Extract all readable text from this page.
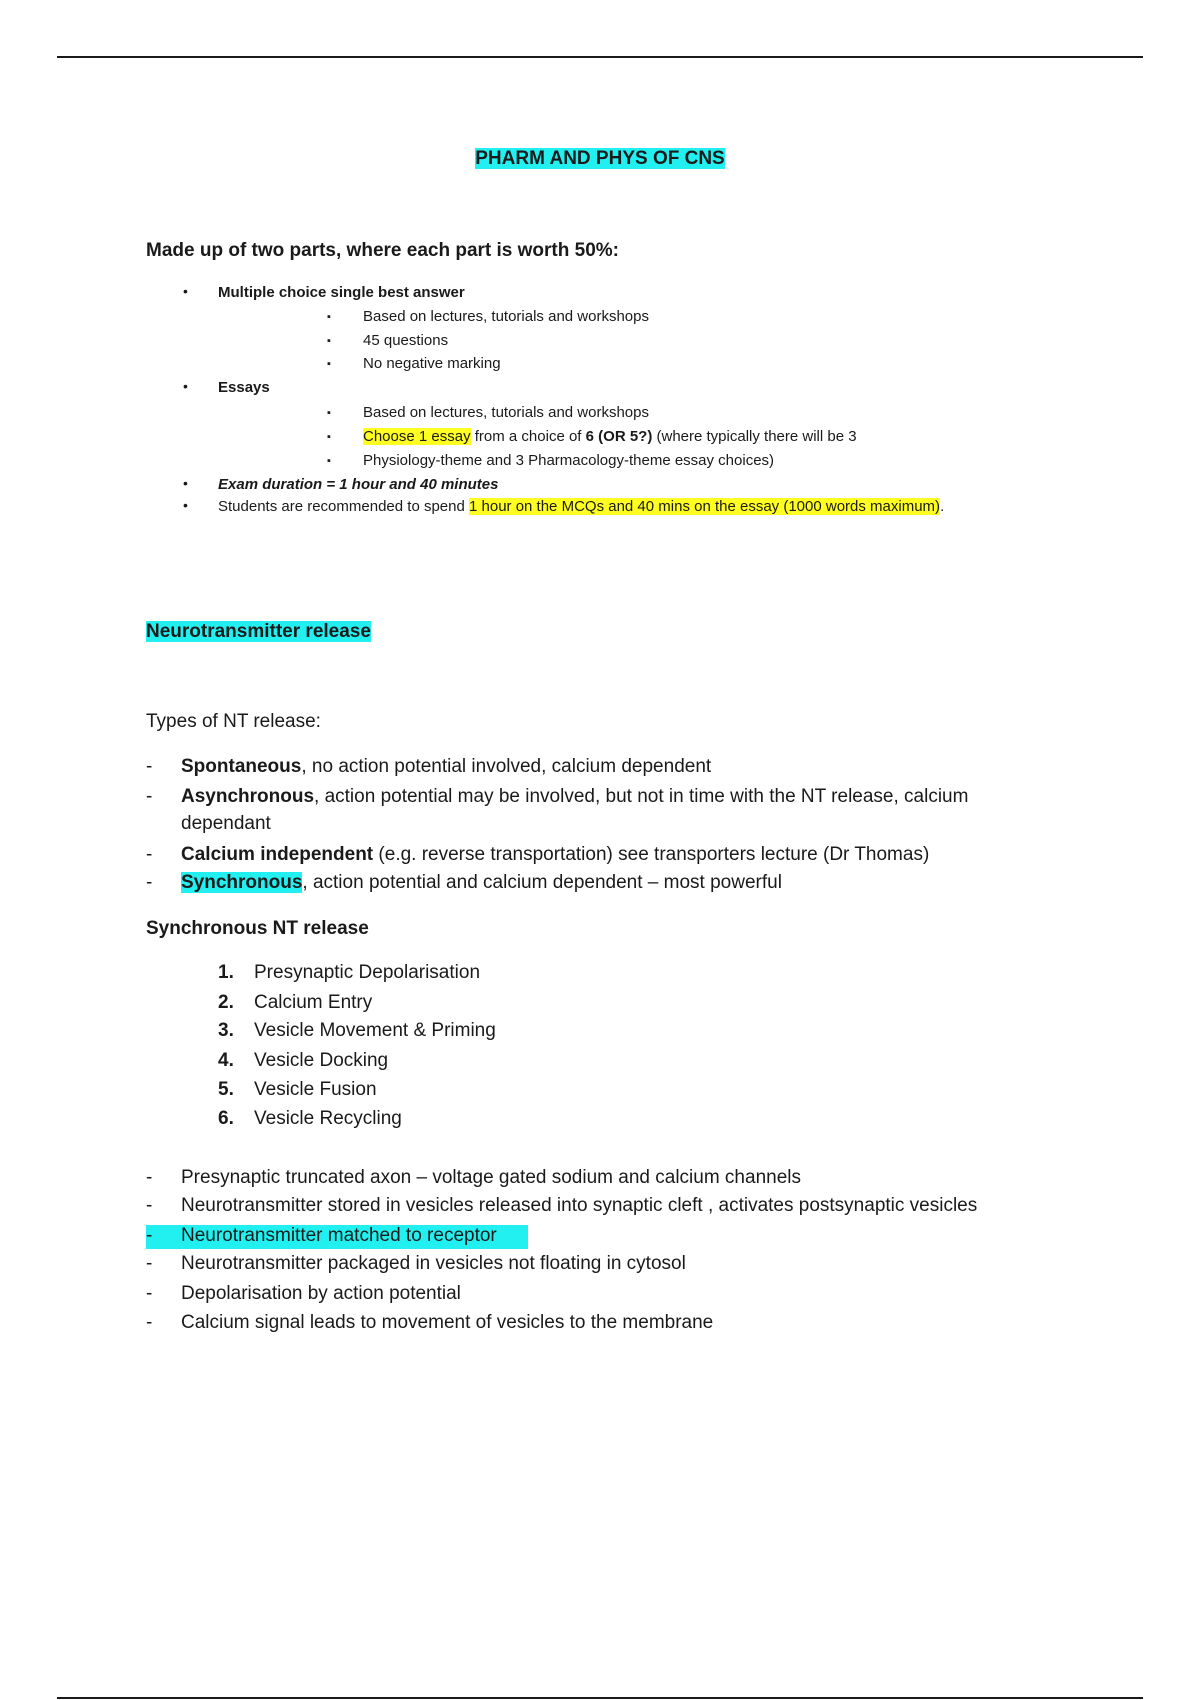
PHARM AND PHYS OF CNS
Made up of two parts, where each part is worth 50%:
• Multiple choice single best answer
▪ Based on lectures, tutorials and workshops
▪ 45 questions
▪ No negative marking
• Essays
▪ Based on lectures, tutorials and workshops
▪ Choose 1 essay from a choice of 6 (OR 5?) (where typically there will be 3
▪ Physiology-theme and 3 Pharmacology-theme essay choices)
• Exam duration = 1 hour and 40 minutes
• Students are recommended to spend 1 hour on the MCQs and 40 mins on the essay (1000 words maximum).
Neurotransmitter release
Types of NT release:
- Spontaneous, no action potential involved, calcium dependent
- Asynchronous, action potential may be involved, but not in time with the NT release, calcium
dependant
- Calcium independent (e.g. reverse transportation) see transporters lecture (Dr Thomas)
- Synchronous, action potential and calcium dependent – most powerful
Synchronous NT release
1. Presynaptic Depolarisation
2. Calcium Entry
3. Vesicle Movement & Priming
4. Vesicle Docking
5. Vesicle Fusion
6. Vesicle Recycling
- Presynaptic truncated axon – voltage gated sodium and calcium channels
- Neurotransmitter stored in vesicles released into synaptic cleft , activates postsynaptic vesicles
- Neurotransmitter matched to receptor
- Neurotransmitter packaged in vesicles not floating in cytosol
- Depolarisation by action potential
- Calcium signal leads to movement of vesicles to the membrane
